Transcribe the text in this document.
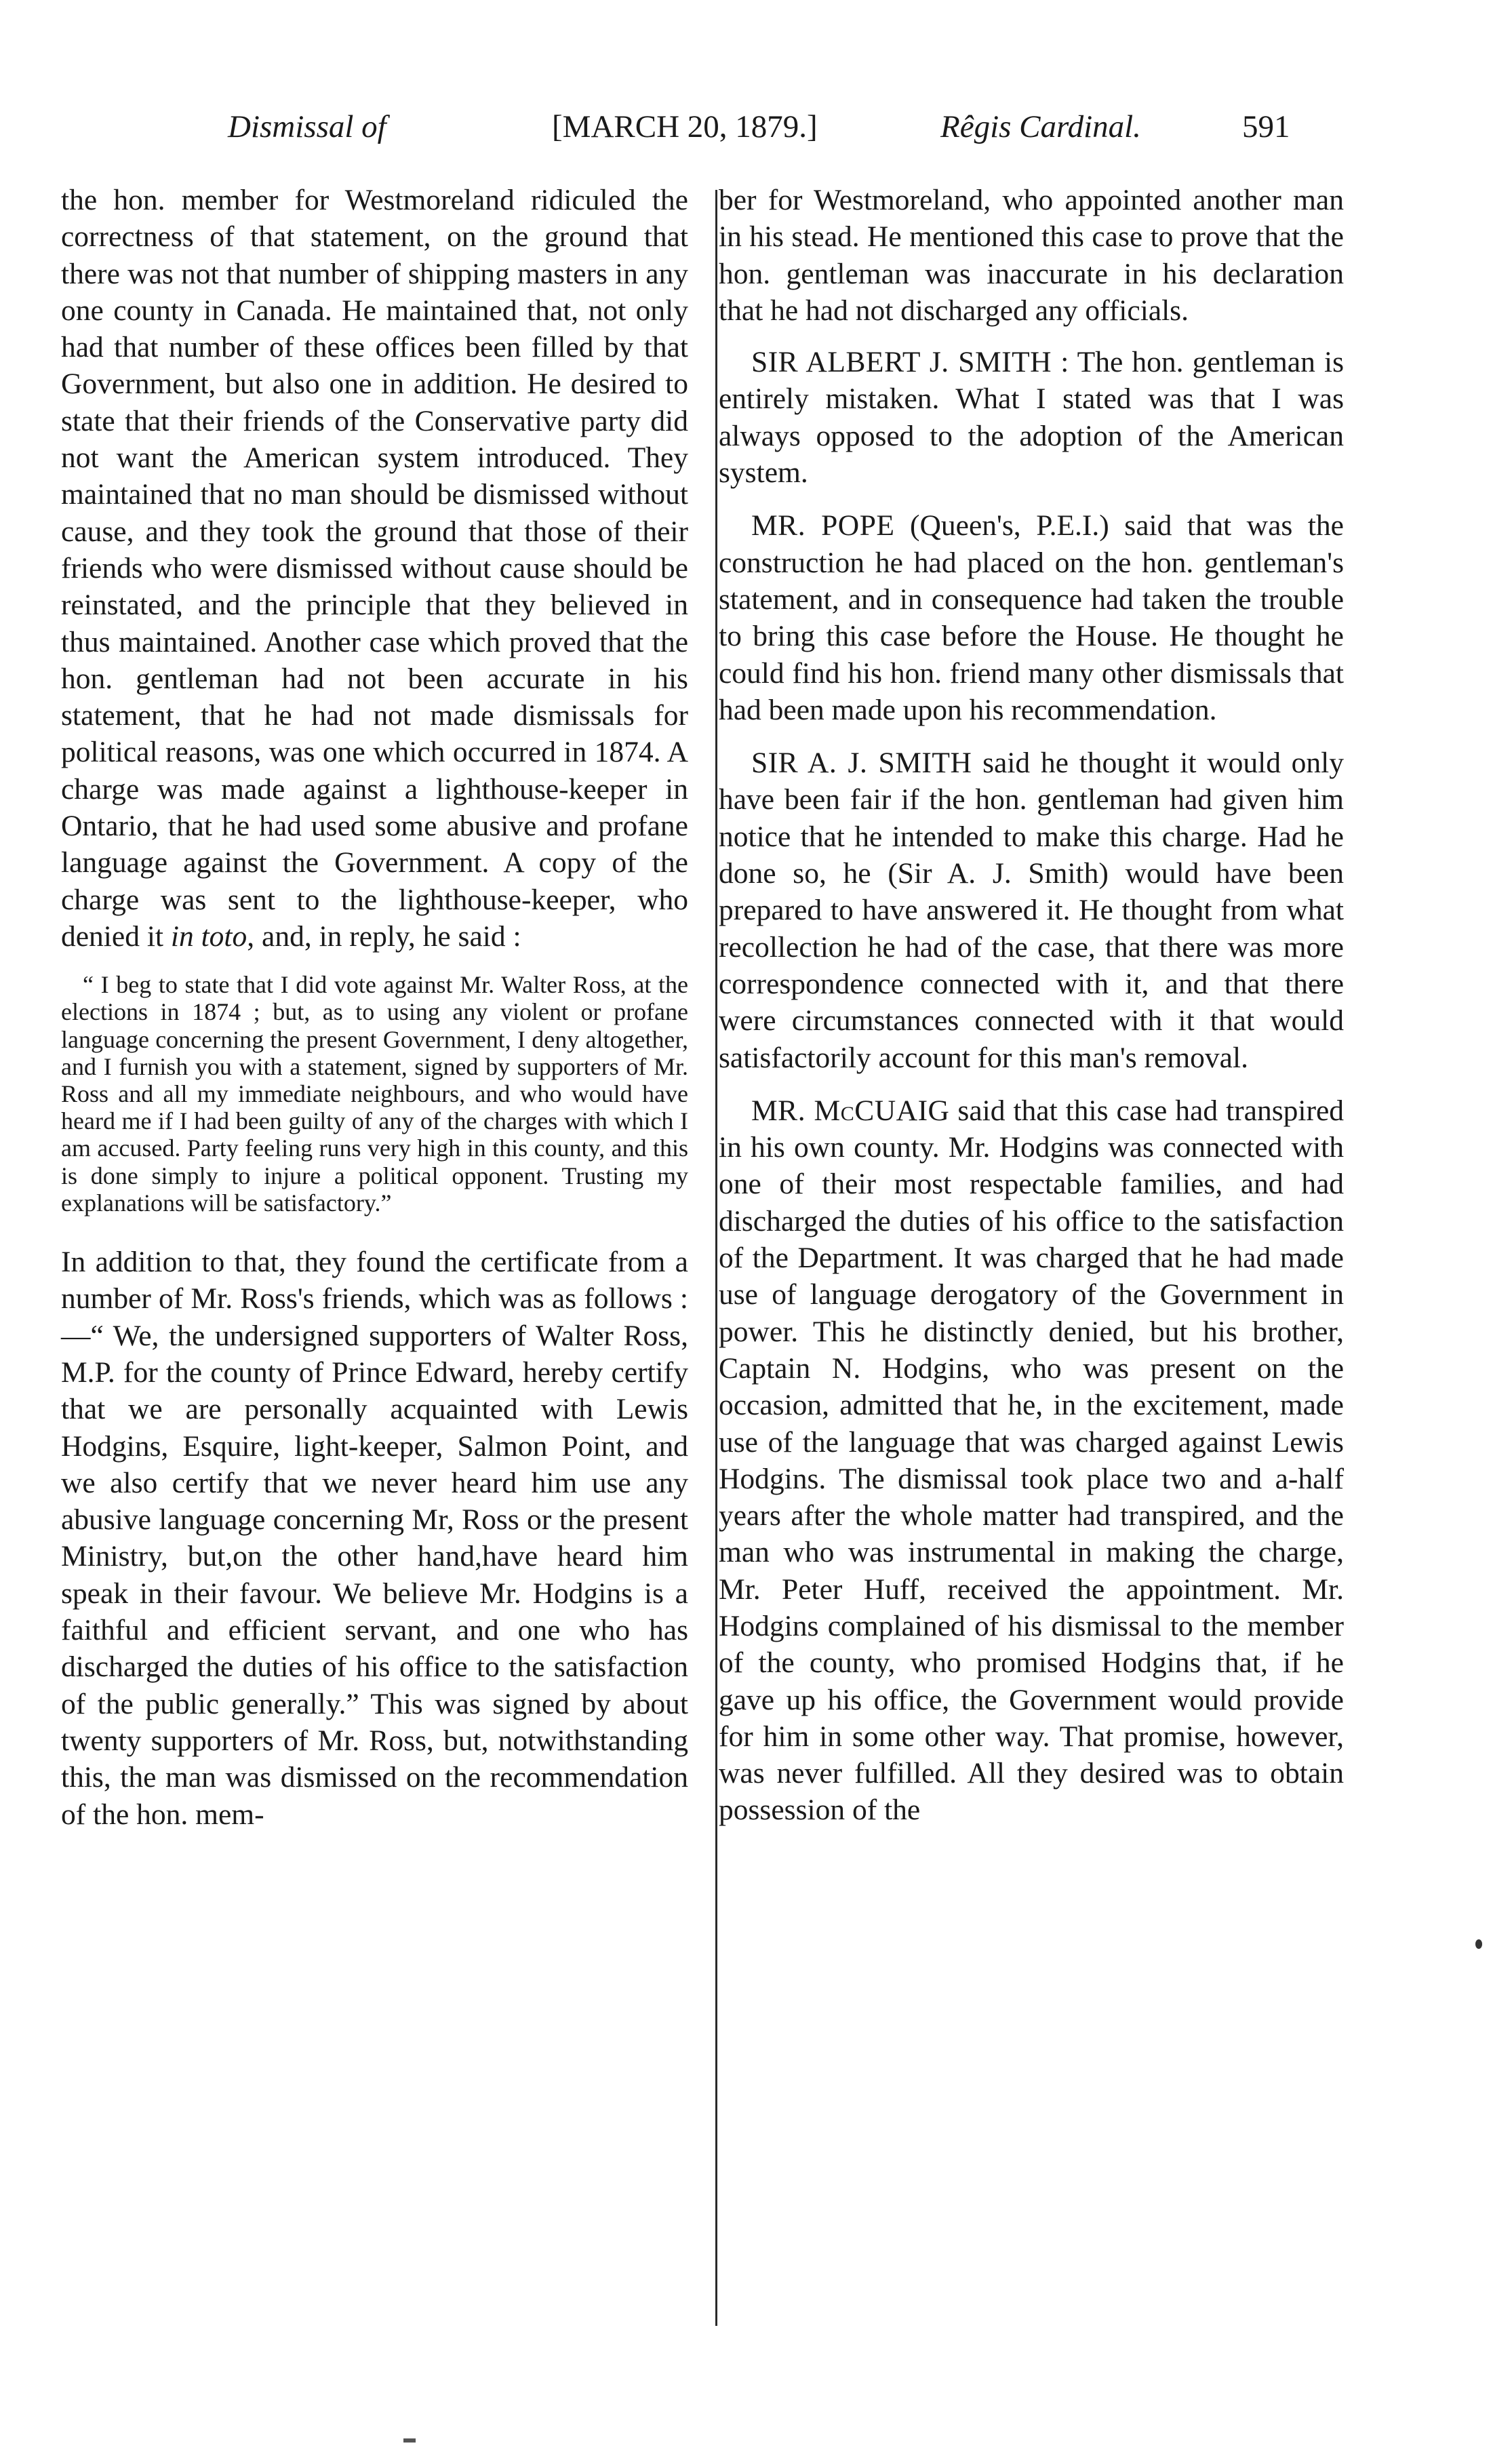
Dismissal of	[MARCH 20, 1879.]	Rêgis Cardinal.	591

the hon. member for Westmoreland ridiculed the correctness of that statement, on the ground that there was not that number of shipping masters in any one county in Canada. He maintained that, not only had that number of these offices been filled by that Government, but also one in addition. He desired to state that their friends of the Conservative party did not want the American system introduced. They maintained that no man should be dismissed without cause, and they took the ground that those of their friends who were dismissed without cause should be reinstated, and the principle that they believed in thus maintained. Another case which proved that the hon. gentleman had not been accurate in his statement, that he had not made dismissals for political reasons, was one which occurred in 1874. A charge was made against a lighthouse-keeper in Ontario, that he had used some abusive and profane language against the Government. A copy of the charge was sent to the lighthouse-keeper, who denied it in toto, and, in reply, he said :

“ I beg to state that I did vote against Mr. Walter Ross, at the elections in 1874 ; but, as to using any violent or profane language concerning the present Government, I deny altogether, and I furnish you with a statement, signed by supporters of Mr. Ross and all my immediate neighbours, and who would have heard me if I had been guilty of any of the charges with which I am accused. Party feeling runs very high in this county, and this is done simply to injure a political opponent. Trusting my explanations will be satisfactory.”

In addition to that, they found the certificate from a number of Mr. Ross's friends, which was as follows :—“ We, the undersigned supporters of Walter Ross, M.P. for the county of Prince Edward, hereby certify that we are personally acquainted with Lewis Hodgins, Esquire, light-keeper, Salmon Point, and we also certify that we never heard him use any abusive language concerning Mr, Ross or the present Ministry, but,on the other hand,have heard him speak in their favour. We believe Mr. Hodgins is a faithful and efficient servant, and one who has discharged the duties of his office to the satisfaction of the public generally.” This was signed by about twenty supporters of Mr. Ross, but, notwithstanding this, the man was dismissed on the recommendation of the hon. mem-

ber for Westmoreland, who appointed another man in his stead. He mentioned this case to prove that the hon. gentleman was inaccurate in his declaration that he had not discharged any officials.

SIR ALBERT J. SMITH : The hon. gentleman is entirely mistaken. What I stated was that I was always opposed to the adoption of the American system.

MR. POPE (Queen's, P.E.I.) said that was the construction he had placed on the hon. gentleman's statement, and in consequence had taken the trouble to bring this case before the House. He thought he could find his hon. friend many other dismissals that had been made upon his recommendation.

SIR A. J. SMITH said he thought it would only have been fair if the hon. gentleman had given him notice that he intended to make this charge. Had he done so, he (Sir A. J. Smith) would have been prepared to have answered it. He thought from what recollection he had of the case, that there was more correspondence connected with it, and that there were circumstances connected with it that would satisfactorily account for this man's removal.

MR. McCUAIG said that this case had transpired in his own county. Mr. Hodgins was connected with one of their most respectable families, and had discharged the duties of his office to the satisfaction of the Department. It was charged that he had made use of language derogatory of the Government in power. This he distinctly denied, but his brother, Captain N. Hodgins, who was present on the occasion, admitted that he, in the excitement, made use of the language that was charged against Lewis Hodgins. The dismissal took place two and a-half years after the whole matter had transpired, and the man who was instrumental in making the charge, Mr. Peter Huff, received the appointment. Mr. Hodgins complained of his dismissal to the member of the county, who promised Hodgins that, if he gave up his office, the Government would provide for him in some other way. That promise, however, was never fulfilled. All they desired was to obtain possession of the
